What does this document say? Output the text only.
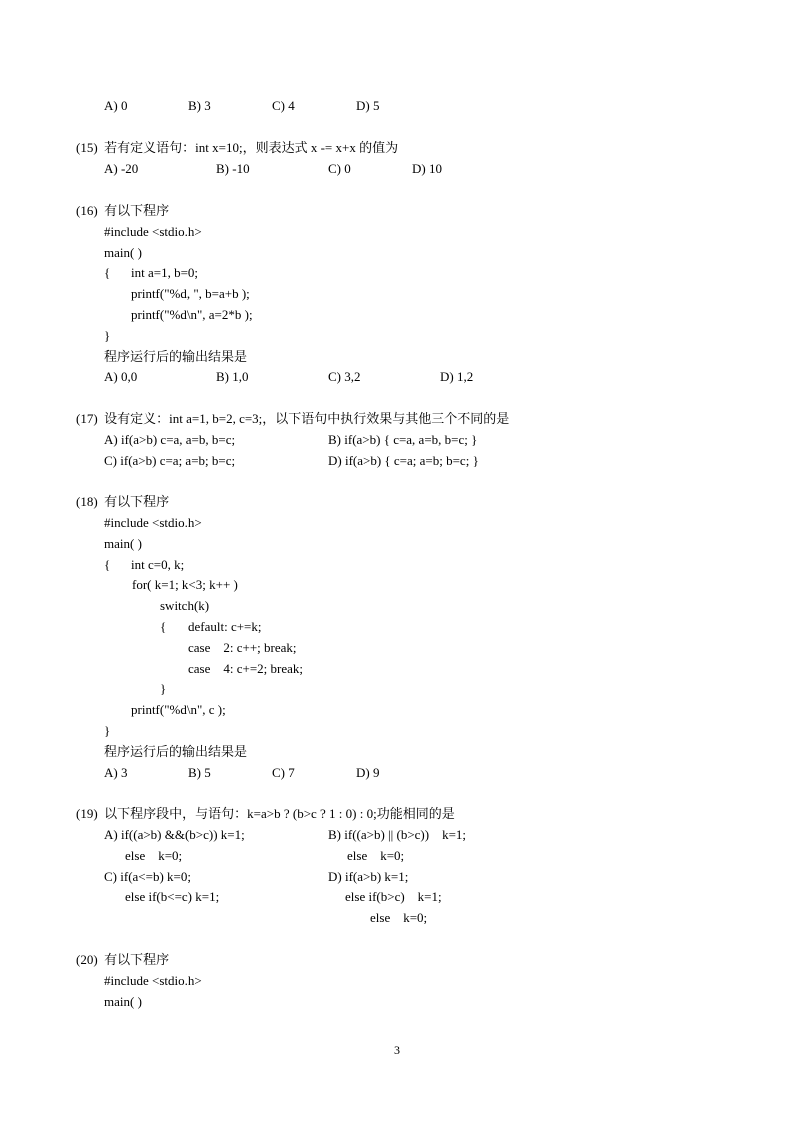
A) 0	B) 3	C) 4	D) 5
(15)  若有定义语句：int x=10;，则表达式 x -= x+x 的值为
A) -20	B) -10	C) 0	D) 10
(16)  有以下程序
#include <stdio.h>
main( )
{ int a=1, b=0;
printf("%d, ", b=a+b );
printf("%d\n", a=2*b );
}
程序运行后的输出结果是
A) 0,0	B) 1,0	C) 3,2	D) 1,2
(17)  设有定义：int a=1, b=2, c=3;，以下语句中执行效果与其他三个不同的是
A) if(a>b) c=a, a=b, b=c;	B) if(a>b) { c=a, a=b, b=c; }
C) if(a>b) c=a; a=b; b=c;	D) if(a>b) { c=a; a=b; b=c; }
(18)  有以下程序
#include <stdio.h>
main( )
{ int c=0, k;
for( k=1; k<3; k++ )
switch(k)
{ default: c+=k;
case    2: c++; break;
case    4: c+=2; break;
}
printf("%d\n", c );
}
程序运行后的输出结果是
A) 3	B) 5	C) 7	D) 9
(19)  以下程序段中，与语句：k=a>b ? (b>c ? 1 : 0) : 0;功能相同的是
A) if((a>b) &&(b>c)) k=1;
else    k=0;
B) if((a>b) || (b>c))    k=1;
else    k=0;
C) if(a<=b) k=0;
else if(b<=c) k=1;
D) if(a>b) k=1;
else if(b>c)    k=1;
else    k=0;
(20)  有以下程序
#include <stdio.h>
main( )
3
